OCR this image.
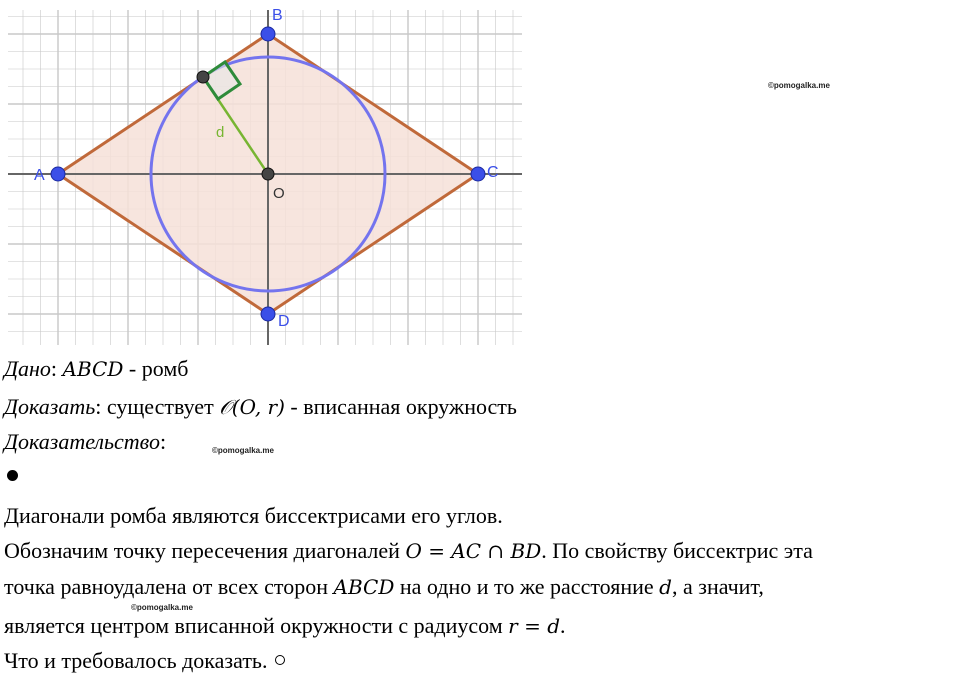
A
B
C
D
O
d
©pomogalka.me
Дано: ABCD - ромб
Доказать: существует 𝒪(O, r) - вписанная окружность
Доказательство:	©pomogalka.me
Диагонали ромба являются биссектрисами его углов.
Обозначим точку пересечения диагоналей O = AC ∩ BD. По свойству биссектрис эта
точка равноудалена от всех сторон ABCD на одно и то же расстояние d, а значит,
©pomogalka.me
является центром вписанной окружности с радиусом r = d.
Что и требовалось доказать.
